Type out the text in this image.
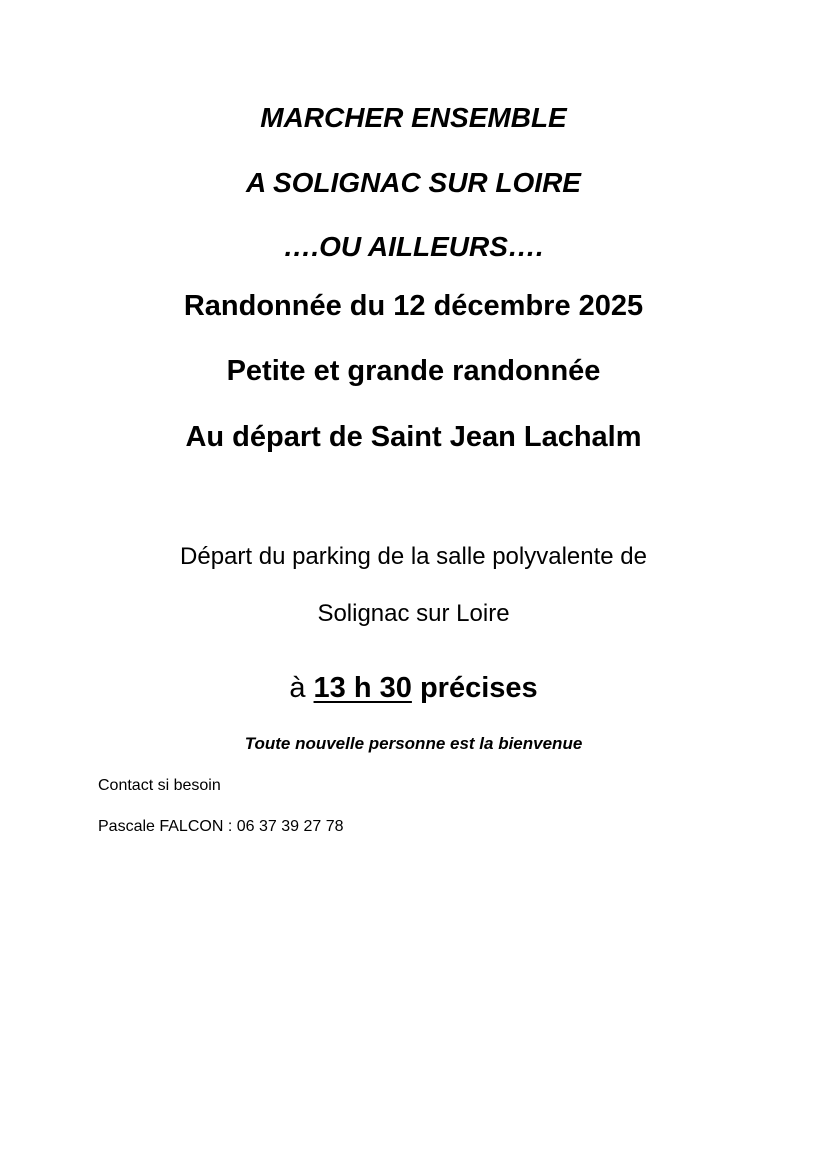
MARCHER ENSEMBLE
A SOLIGNAC SUR LOIRE
….OU AILLEURS….
Randonnée du 12 décembre 2025
Petite et grande randonnée
Au départ de Saint Jean Lachalm
Départ du parking de la salle polyvalente de
Solignac sur Loire
à 13 h 30 précises
Toute nouvelle personne est la bienvenue
Contact si besoin
Pascale FALCON : 06 37 39 27 78
